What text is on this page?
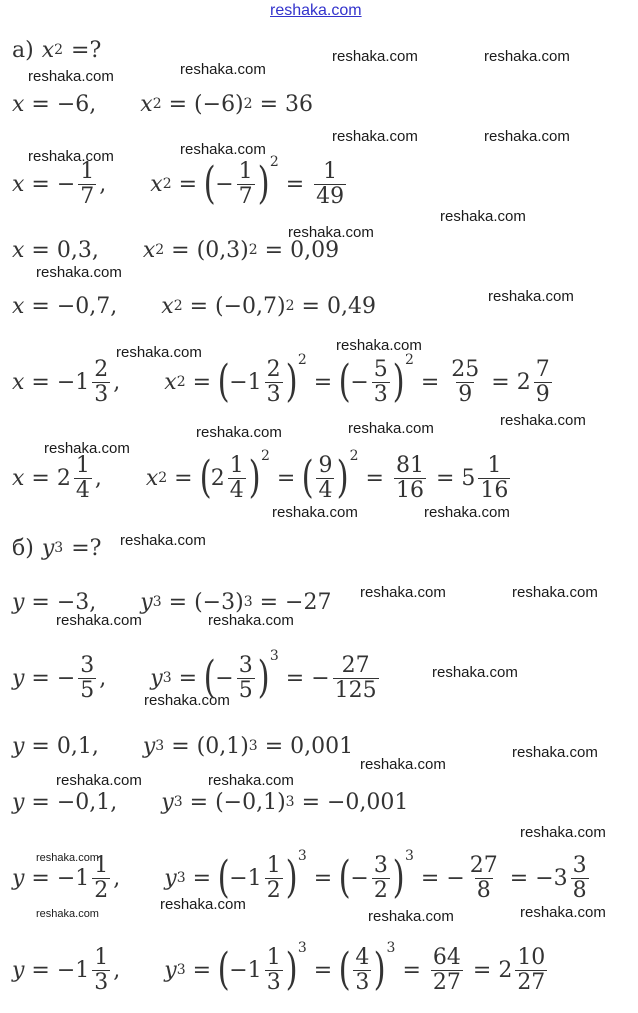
reshaka.com
reshaka.com	reshaka.com
reshaka.com
reshaka.com
reshaka.com	reshaka.com
reshaka.com
reshaka.com
reshaka.com
reshaka.com
reshaka.com
reshaka.com
reshaka.com
reshaka.com
reshaka.com
reshaka.com	reshaka.com
reshaka.com
reshaka.com	reshaka.com
reshaka.com
reshaka.com	reshaka.com
reshaka.com	reshaka.com
reshaka.com
reshaka.com
reshaka.com
reshaka.com
reshaka.com	reshaka.com
reshaka.com
reshaka.com
reshaka.com	reshaka.com
reshaka.com	reshaka.com
а) x 2 =?
x = −6 , x 2 = (−6) 2 = 36
x = − $\frac{1}{7}$ , x 2 = ( − $\frac{1}{7}$ ) 2
= $\frac{1}{49}$
x = 0,3 , x 2 = (0,3) 2 = 0,09
x = −0,7 , x 2 = (−0,7) 2 = 0,49
$x = -1 \frac{2}{3}$ , x 2 = ( $-1 \frac{2}{3}$ ) 2
= ( − $\frac{5}{3}$ ) 2
= $\frac{25}{9} = 2 \frac{7}{9}$
$x = 2 \frac{1}{4}$ , x 2 = ( $2 \frac{1}{4}$ ) 2
= ( $\frac{9}{4}$ ) 2
= $\frac{81}{16} = 5 \frac{1}{16}$
б) y 3 =?
y = −3 , y 3 = (−3) 3 = −27
y = − $\frac{3}{5}$ , y 3 = ( − $\frac{3}{5}$ ) 3
= − $\frac{27}{125}$
y = 0,1 , y 3 = (0,1) 3 = 0,001
y = −0,1 , y 3 = (−0,1) 3 = −0,001
$y = -1 \frac{1}{2}$ , y 3 = ( $-1 \frac{1}{2}$ ) 3
= ( − $\frac{3}{2}$ ) 3
= − $\frac{27}{8} = -3 \frac{3}{8}$
$y = -1 \frac{1}{3}$ , y 3 = ( $-1 \frac{1}{3}$ ) 3
= ( $\frac{4}{3}$ ) 3
= $\frac{64}{27} = 2 \frac{10}{27}$
